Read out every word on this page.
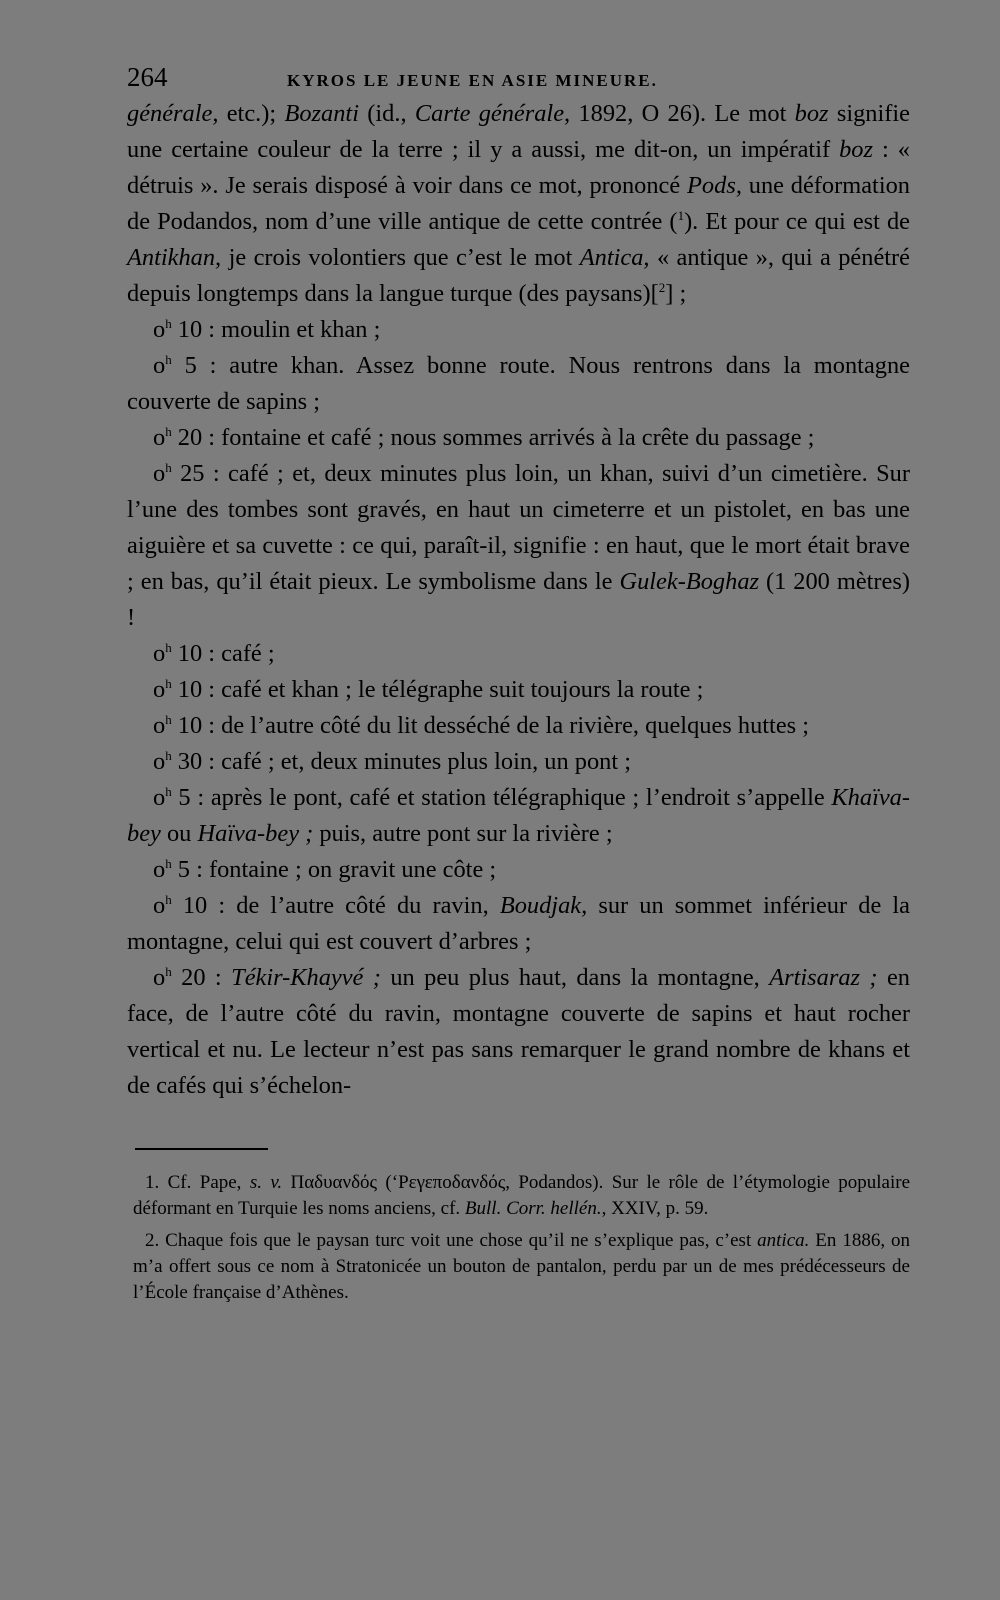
264	KYROS LE JEUNE EN ASIE MINEURE.

générale, etc.); Bozanti (id., Carte générale, 1892, O 26). Le mot boz signifie une certaine couleur de la terre ; il y a aussi, me dit-on, un impératif boz : « détruis ». Je serais disposé à voir dans ce mot, prononcé Pods, une déformation de Podandos, nom d’une ville antique de cette contrée ($^1$). Et pour ce qui est de Antikhan, je crois volontiers que c’est le mot Antica, « antique », qui a pénétré depuis longtemps dans la langue turque (des paysans)[$^2$] ;

$o^h$ 10 : moulin et khan ;

$o^h$ 5 : autre khan. Assez bonne route. Nous rentrons dans la montagne couverte de sapins ;

$o^h$ 20 : fontaine et café ; nous sommes arrivés à la crête du passage ;

$o^h$ 25 : café ; et, deux minutes plus loin, un khan, suivi d’un cimetière. Sur l’une des tombes sont gravés, en haut un cimeterre et un pistolet, en bas une aiguière et sa cuvette : ce qui, paraît-il, signifie : en haut, que le mort était brave ; en bas, qu’il était pieux. Le symbolisme dans le Gulek-Boghaz (1 200 mètres) !

$o^h$ 10 : café ;

$o^h$ 10 : café et khan ; le télégraphe suit toujours la route ;

$o^h$ 10 : de l’autre côté du lit desséché de la rivière, quelques huttes ;

$o^h$ 30 : café ; et, deux minutes plus loin, un pont ;

$o^h$ 5 : après le pont, café et station télégraphique ; l’endroit s’appelle Khaïva-bey ou Haïva-bey ; puis, autre pont sur la rivière ;

$o^h$ 5 : fontaine ; on gravit une côte ;

$o^h$ 10 : de l’autre côté du ravin, Boudjak, sur un sommet inférieur de la montagne, celui qui est couvert d’arbres ;

$o^h$ 20 : Tékir-Khayvé ; un peu plus haut, dans la montagne, Artisaraz ; en face, de l’autre côté du ravin, montagne couverte de sapins et haut rocher vertical et nu. Le lecteur n’est pas sans remarquer le grand nombre de khans et de cafés qui s’échelon-

1. Cf. Pape, s. v. Παδυανδός (‘Ρεγεποδανδός, Podandos). Sur le rôle de l’étymologie populaire déformant en Turquie les noms anciens, cf. Bull. Corr. hellén., XXIV, p. 59.

2. Chaque fois que le paysan turc voit une chose qu’il ne s’explique pas, c’est antica. En 1886, on m’a offert sous ce nom à Stratonicée un bouton de pantalon, perdu par un de mes prédécesseurs de l’École française d’Athènes.
